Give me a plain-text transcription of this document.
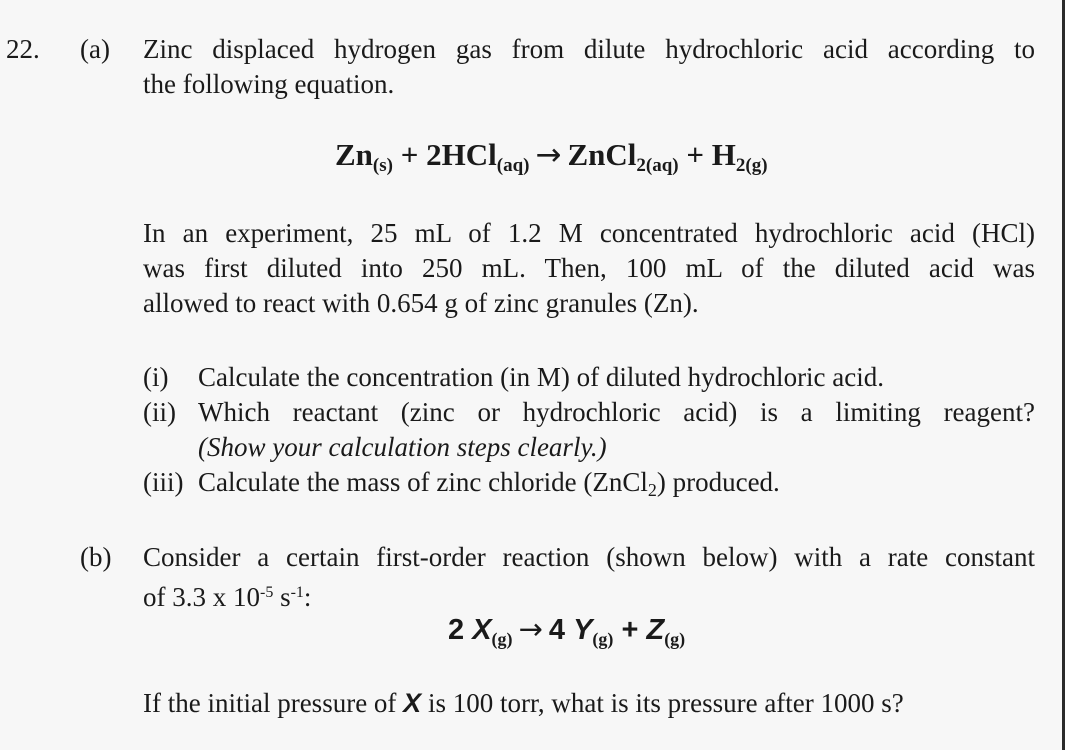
22. (a) Zinc displaced hydrogen gas from dilute hydrochloric acid according to
the following equation.
$Zn_{(s)} + 2HCl_{(aq)}$ → ZnCl$_{2(aq)}$ + $H_{2(g)}$
In an experiment, 25 mL of 1.2 M concentrated hydrochloric acid (HCl)
was first diluted into 250 mL. Then, 100 mL of the diluted acid was
allowed to react with 0.654 g of zinc granules (Zn).
(i) Calculate the concentration (in M) of diluted hydrochloric acid.
(ii) Which reactant (zinc or hydrochloric acid) is a limiting reagent?
(Show your calculation steps clearly.)
(iii) Calculate the mass of zinc chloride (ZnCl$_2$) produced.
(b) Consider a certain first-order reaction (shown below) with a rate constant
of 3.3 x $10^{-5}$ $s^{-1}$:
2 $X_{(g)} \to 4$ $Y_{(g)} + Z_{(g)}$
If the initial pressure of X is 100 torr, what is its pressure after 1000 s?
